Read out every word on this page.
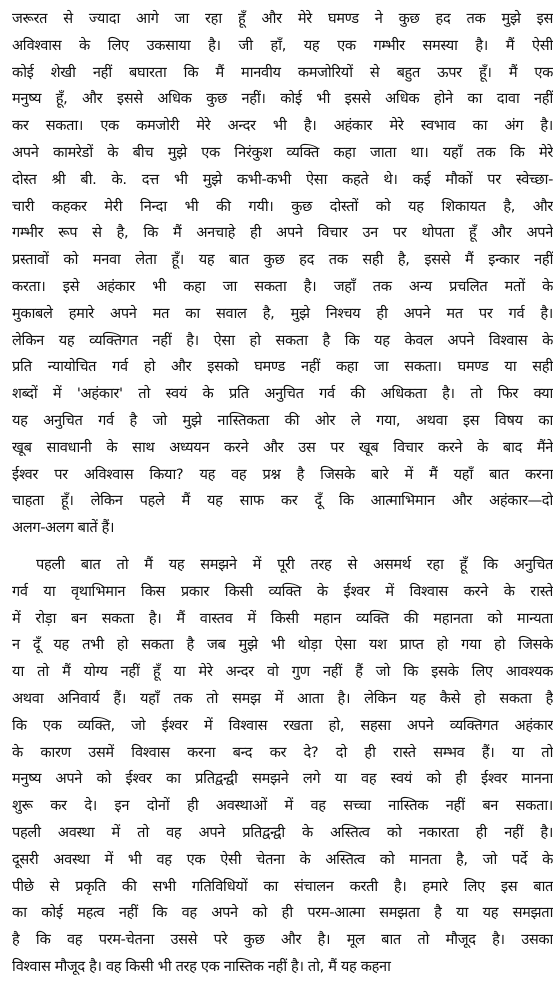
जरूरत से ज्यादा आगे जा रहा हूँ और मेरे घमण्ड ने कुछ हद तक मुझे इस
अविश्वास के लिए उकसाया है। जी हाँ, यह एक गम्भीर समस्या है। मैं ऐसी
कोई शेखी नहीं बघारता कि मैं मानवीय कमजोरियों से बहुत ऊपर हूँ। मैं एक
मनुष्य हूँ, और इससे अधिक कुछ नहीं। कोई भी इससे अधिक होने का दावा नहीं
कर सकता। एक कमजोरी मेरे अन्दर भी है। अहंकार मेरे स्वभाव का अंग है।
अपने कामरेडों के बीच मुझे एक निरंकुश व्यक्ति कहा जाता था। यहाँ तक कि मेरे
दोस्त श्री बी. के. दत्त भी मुझे कभी-कभी ऐसा कहते थे। कई मौकों पर स्वेच्छा-
चारी कहकर मेरी निन्दा भी की गयी। कुछ दोस्तों को यह शिकायत है, और
गम्भीर रूप से है, कि मैं अनचाहे ही अपने विचार उन पर थोपता हूँ और अपने
प्रस्तावों को मनवा लेता हूँ। यह बात कुछ हद तक सही है, इससे मैं इन्कार नहीं
करता। इसे अहंकार भी कहा जा सकता है। जहाँ तक अन्य प्रचलित मतों के
मुकाबले हमारे अपने मत का सवाल है, मुझे निश्चय ही अपने मत पर गर्व है।
लेकिन यह व्यक्तिगत नहीं है। ऐसा हो सकता है कि यह केवल अपने विश्वास के
प्रति न्यायोचित गर्व हो और इसको घमण्ड नहीं कहा जा सकता। घमण्ड या सही
शब्दों में 'अहंकार' तो स्वयं के प्रति अनुचित गर्व की अधिकता है। तो फिर क्या
यह अनुचित गर्व है जो मुझे नास्तिकता की ओर ले गया, अथवा इस विषय का
खूब सावधानी के साथ अध्ययन करने और उस पर खूब विचार करने के बाद मैंने
ईश्वर पर अविश्वास किया? यह वह प्रश्न है जिसके बारे में मैं यहाँ बात करना
चाहता हूँ। लेकिन पहले मैं यह साफ कर दूँ कि आत्माभिमान और अहंकार—दो
अलग-अलग बातें हैं।
पहली बात तो मैं यह समझने में पूरी तरह से असमर्थ रहा हूँ कि अनुचित
गर्व या वृथाभिमान किस प्रकार किसी व्यक्ति के ईश्वर में विश्वास करने के रास्ते
में रोड़ा बन सकता है। मैं वास्तव में किसी महान व्यक्ति की महानता को मान्यता
न दूँ यह तभी हो सकता है जब मुझे भी थोड़ा ऐसा यश प्राप्त हो गया हो जिसके
या तो मैं योग्य नहीं हूँ या मेरे अन्दर वो गुण नहीं हैं जो कि इसके लिए आवश्यक
अथवा अनिवार्य हैं। यहाँ तक तो समझ में आता है। लेकिन यह कैसे हो सकता है
कि एक व्यक्ति, जो ईश्वर में विश्वास रखता हो, सहसा अपने व्यक्तिगत अहंकार
के कारण उसमें विश्वास करना बन्द कर दे? दो ही रास्ते सम्भव हैं। या तो
मनुष्य अपने को ईश्वर का प्रतिद्वन्द्वी समझने लगे या वह स्वयं को ही ईश्वर मानना
शुरू कर दे। इन दोनों ही अवस्थाओं में वह सच्चा नास्तिक नहीं बन सकता।
पहली अवस्था में तो वह अपने प्रतिद्वन्द्वी के अस्तित्व को नकारता ही नहीं है।
दूसरी अवस्था में भी वह एक ऐसी चेतना के अस्तित्व को मानता है, जो पर्दे के
पीछे से प्रकृति की सभी गतिविधियों का संचालन करती है। हमारे लिए इस बात
का कोई महत्व नहीं कि वह अपने को ही परम-आत्मा समझता है या यह समझता
है कि वह परम-चेतना उससे परे कुछ और है। मूल बात तो मौजूद है। उसका
विश्वास मौजूद है। वह किसी भी तरह एक नास्तिक नहीं है। तो, मैं यह कहना
